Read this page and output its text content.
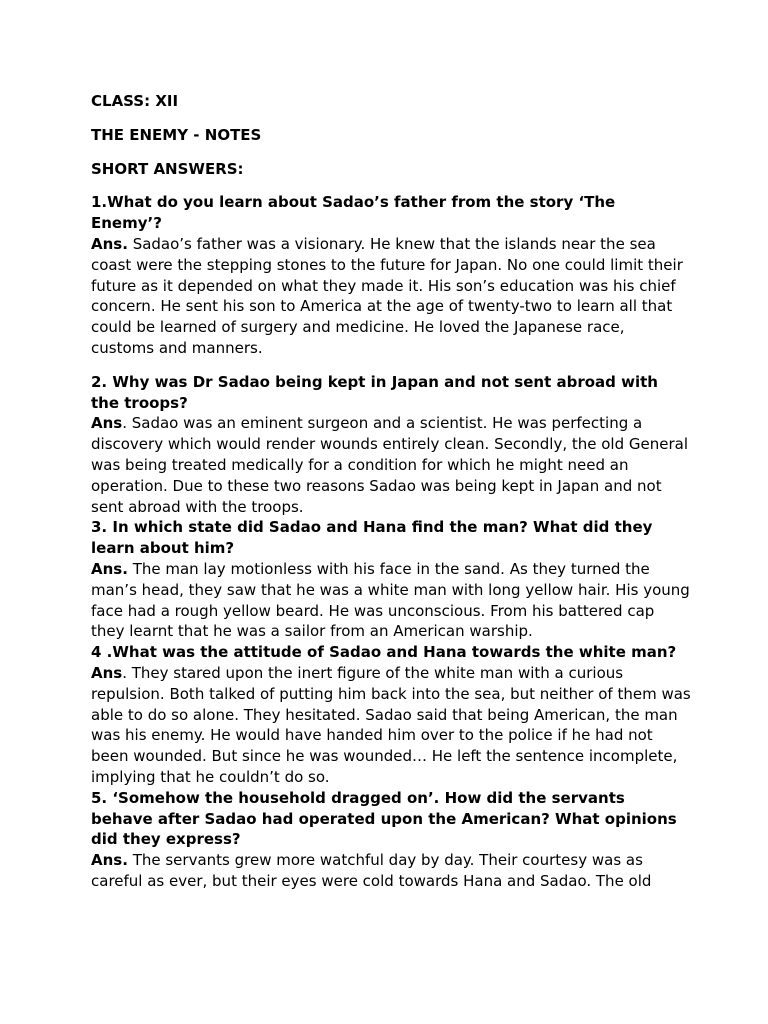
CLASS: XII

THE ENEMY - NOTES

SHORT ANSWERS:

1.What do you learn about Sadao’s father from the story ‘The Enemy’?
Ans. Sadao’s father was a visionary. He knew that the islands near the sea coast were the stepping stones to the future for Japan. No one could limit their future as it depended on what they made it. His son’s education was his chief concern. He sent his son to America at the age of twenty-two to learn all that could be learned of surgery and medicine. He loved the Japanese race, customs and manners.
2. Why was Dr Sadao being kept in Japan and not sent abroad with the troops?
Ans. Sadao was an eminent surgeon and a scientist. He was perfecting a discovery which would render wounds entirely clean. Secondly, the old General was being treated medically for a condition for which he might need an operation. Due to these two reasons Sadao was being kept in Japan and not sent abroad with the troops.
3. In which state did Sadao and Hana find the man? What did they learn about him?
Ans. The man lay motionless with his face in the sand. As they turned the man’s head, they saw that he was a white man with long yellow hair. His young face had a rough yellow beard. He was unconscious. From his battered cap they learnt that he was a sailor from an American warship.
4 .What was the attitude of Sadao and Hana towards the white man?
Ans. They stared upon the inert figure of the white man with a curious repulsion. Both talked of putting him back into the sea, but neither of them was able to do so alone. They hesitated. Sadao said that being American, the man was his enemy. He would have handed him over to the police if he had not been wounded. But since he was wounded… He left the sentence incomplete, implying that he couldn’t do so.
5. ‘Somehow the household dragged on’. How did the servants behave after Sadao had operated upon the American? What opinions did they express?
Ans. The servants grew more watchful day by day. Their courtesy was as careful as ever, but their eyes were cold towards Hana and Sadao. The old
